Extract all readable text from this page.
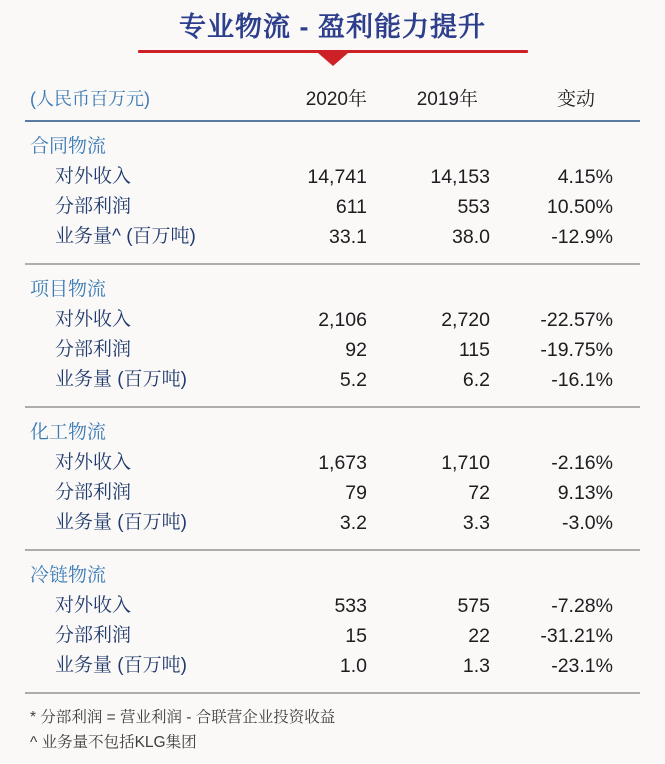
专业物流 - 盈利能力提升
(人民币百万元)	2020年	2019年	变动
合同物流
对外收入	14,741	14,153	4.15%
分部利润	611	553	10.50%
业务量^ (百万吨)	33.1	38.0	-12.9%
项目物流
对外收入	2,106	2,720	-22.57%
分部利润	92	115	-19.75%
业务量 (百万吨)	5.2	6.2	-16.1%
化工物流
对外收入	1,673	1,710	-2.16%
分部利润	79	72	9.13%
业务量 (百万吨)	3.2	3.3	-3.0%
冷链物流
对外收入	533	575	-7.28%
分部利润	15	22	-31.21%
业务量 (百万吨)	1.0	1.3	-23.1%
* 分部利润 = 营业利润 - 合联营企业投资收益
^ 业务量不包括KLG集团
